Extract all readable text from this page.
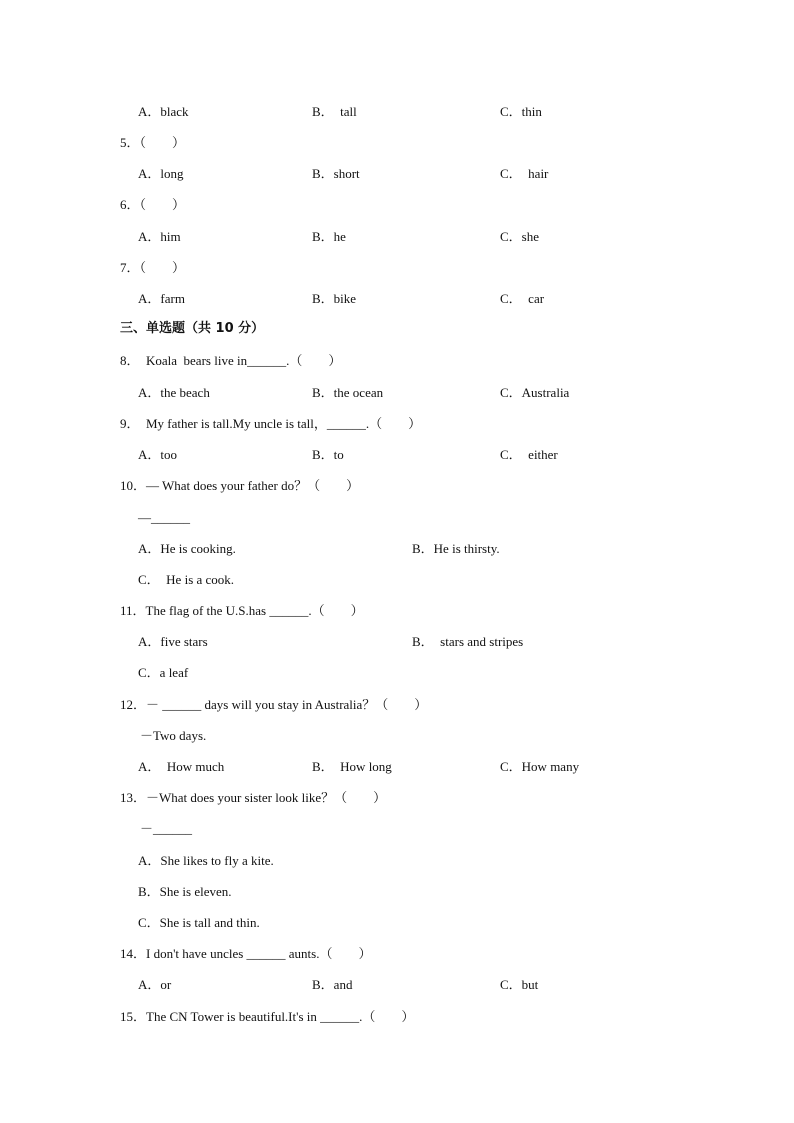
A．black	B．  tall	C．thin
5．（　　）
A．long	B．short	C．  hair
6．（　　）
A．him	B．he	C．she
7．（　　）
A．farm	B．bike	C．  car
三、单选题（共 10 分）
8．  Koala  bears live in______.（　　）
A．the beach	B．the ocean	C．Australia
9．  My father is tall.My uncle is tall，______.（　　）
A．too	B．to	C．  either
10．— What does your father do？（　　）
—______
A．He is cooking.	B．He is thirsty.
C．  He is a cook.
11．The flag of the U.S.has ______.（　　）
A．five stars	B．  stars and stripes
C．a leaf
12．－ ______ days will you stay in Australia？（　　）
－Two days.
A．  How much	B．  How long	C．How many
13．－What does your sister look like？（　　）
－______
A．She likes to fly a kite.
B．She is eleven.
C．She is tall and thin.
14．I don't have uncles ______ aunts.（　　）
A．or	B．and	C．but
15．The CN Tower is beautiful.It's in ______.（　　）
